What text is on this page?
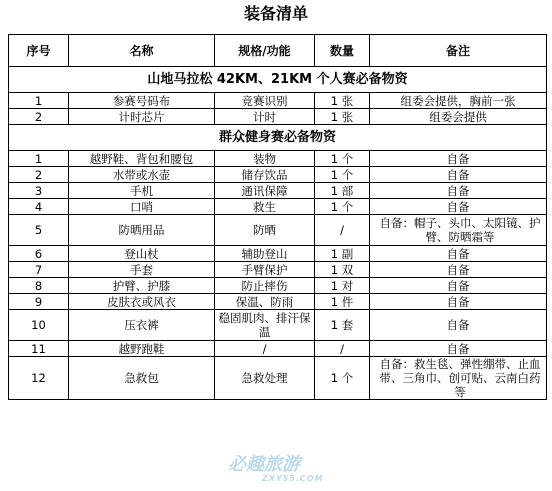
装备清单
序号	名称	规格/功能	数量	备注
山地马拉松 42KM、21KM 个人赛必备物资				
1	参赛号码布	竞赛识别	1 张	组委会提供，胸前一张
2	计时芯片	计时	1 张	组委会提供
群众健身赛必备物资				
1	越野鞋、背包和腰包	装物	1 个	自备
2	水带或水壶	储存饮品	1 个	自备
3	手机	通讯保障	1 部	自备
4	口哨	救生	1 个	自备
5	防晒用品	防晒	/	自备：帽子、头巾、太阳镜、护臂、防晒霜等
6	登山杖	辅助登山	1 副	自备
7	手套	手臂保护	1 双	自备
8	护臂、护膝	防止摔伤	1 对	自备
9	皮肤衣或风衣	保温、防雨	1 件	自备
10	压衣裤	稳固肌肉、排汗保温	1 套	自备
11	越野跑鞋	/	/	自备
12	急救包	急救处理	1 个	自备：救生毯、弹性绷带、止血带、三角巾、创可贴、云南白药等
必趣旅游
ZXY55.COM
